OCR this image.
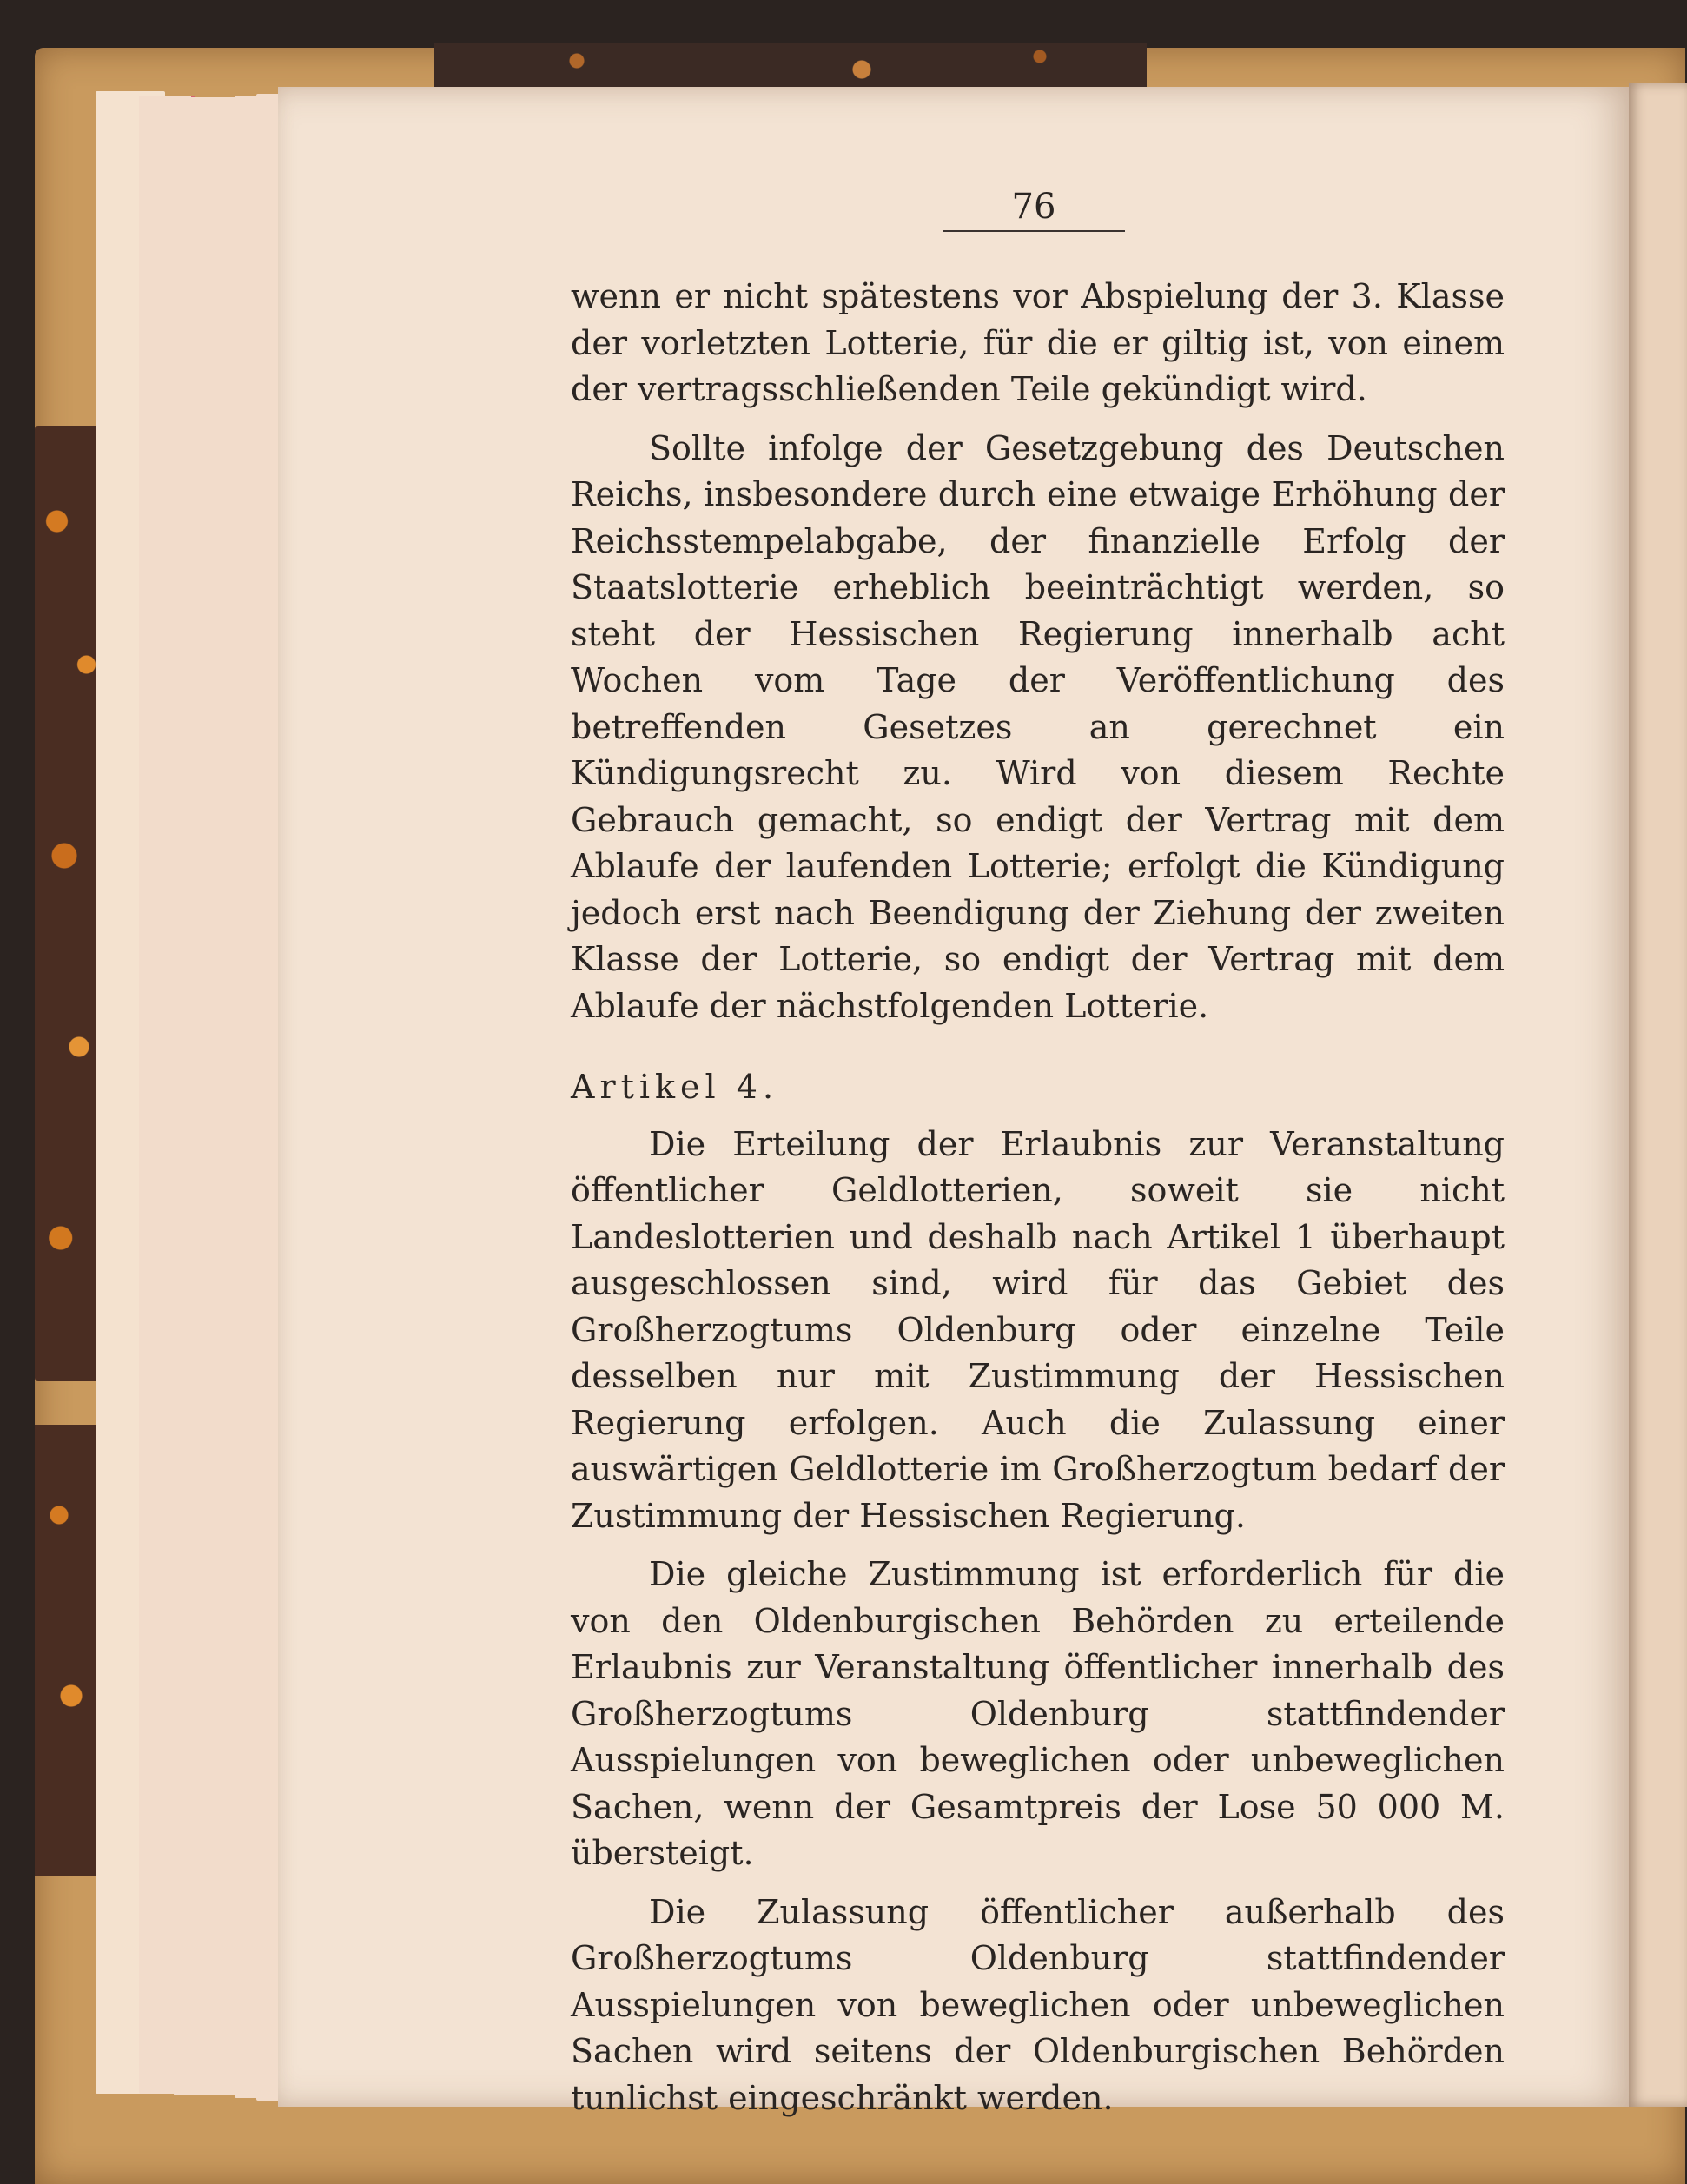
76

wenn er nicht spätestens vor Abspielung der 3. Klasse der vorletzten Lotterie, für die er giltig ist, von einem der vertragsschließenden Teile gekündigt wird.

Sollte infolge der Gesetzgebung des Deutschen Reichs, insbesondere durch eine etwaige Erhöhung der Reichsstempelabgabe, der finanzielle Erfolg der Staatslotterie erheblich beeinträchtigt werden, so steht der Hessischen Regierung innerhalb acht Wochen vom Tage der Veröffentlichung des betreffenden Gesetzes an gerechnet ein Kündigungsrecht zu. Wird von diesem Rechte Gebrauch gemacht, so endigt der Vertrag mit dem Ablaufe der laufenden Lotterie; erfolgt die Kündigung jedoch erst nach Beendigung der Ziehung der zweiten Klasse der Lotterie, so endigt der Vertrag mit dem Ablaufe der nächstfolgenden Lotterie.

Artikel 4.

Die Erteilung der Erlaubnis zur Veranstaltung öffentlicher Geldlotterien, soweit sie nicht Landeslotterien und deshalb nach Artikel 1 überhaupt ausgeschlossen sind, wird für das Gebiet des Großherzogtums Oldenburg oder einzelne Teile desselben nur mit Zustimmung der Hessischen Regierung erfolgen. Auch die Zulassung einer auswärtigen Geldlotterie im Großherzogtum bedarf der Zustimmung der Hessischen Regierung.

Die gleiche Zustimmung ist erforderlich für die von den Oldenburgischen Behörden zu erteilende Erlaubnis zur Veranstaltung öffentlicher innerhalb des Großherzogtums Oldenburg stattfindender Ausspielungen von beweglichen oder unbeweglichen Sachen, wenn der Gesamtpreis der Lose 50 000 M. übersteigt.

Die Zulassung öffentlicher außerhalb des Großherzogtums Oldenburg stattfindender Ausspielungen von beweglichen oder unbeweglichen Sachen wird seitens der Oldenburgischen Behörden tunlichst eingeschränkt werden.
